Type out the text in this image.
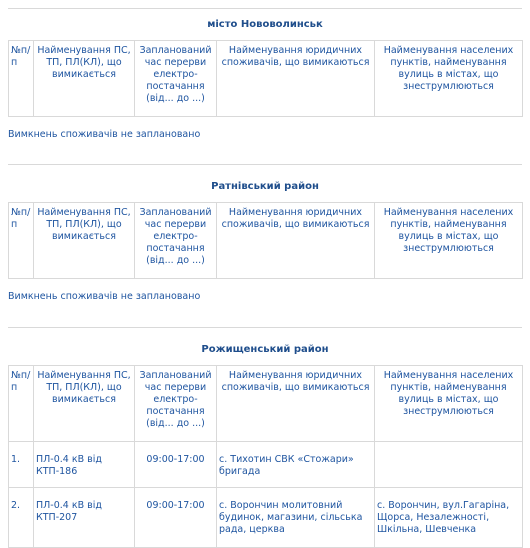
місто Нововолинськ
№п/п	Найменування ПС, ТП, ПЛ(КЛ), що вимикається	Запланований час перерви електро-постачання (від... до ...)	Найменування юридичних споживачів, що вимикаються	Найменування населених пунктів, найменування вулиць в містах, що знеструмлюються
Вимкнень споживачів не заплановано
Ратнівський район
№п/п	Найменування ПС, ТП, ПЛ(КЛ), що вимикається	Запланований час перерви електро-постачання (від... до ...)	Найменування юридичних споживачів, що вимикаються	Найменування населених пунктів, найменування вулиць в містах, що знеструмлюються
Вимкнень споживачів не заплановано
Рожищенський район
№п/п	Найменування ПС, ТП, ПЛ(КЛ), що вимикається	Запланований час перерви електро-постачання (від... до ...)	Найменування юридичних споживачів, що вимикаються	Найменування населених пунктів, найменування вулиць в містах, що знеструмлюються
1.	ПЛ-0.4 кВ від КТП-186	09:00-17:00	с. Тихотин СВК «Стожари» бригада	
2.	ПЛ-0.4 кВ від КТП-207	09:00-17:00	с. Ворончин молитовний будинок, магазини, сільська рада, церква	с. Ворончин, вул.Гагаріна, Щорса, Незалежності, Шкільна, Шевченка
